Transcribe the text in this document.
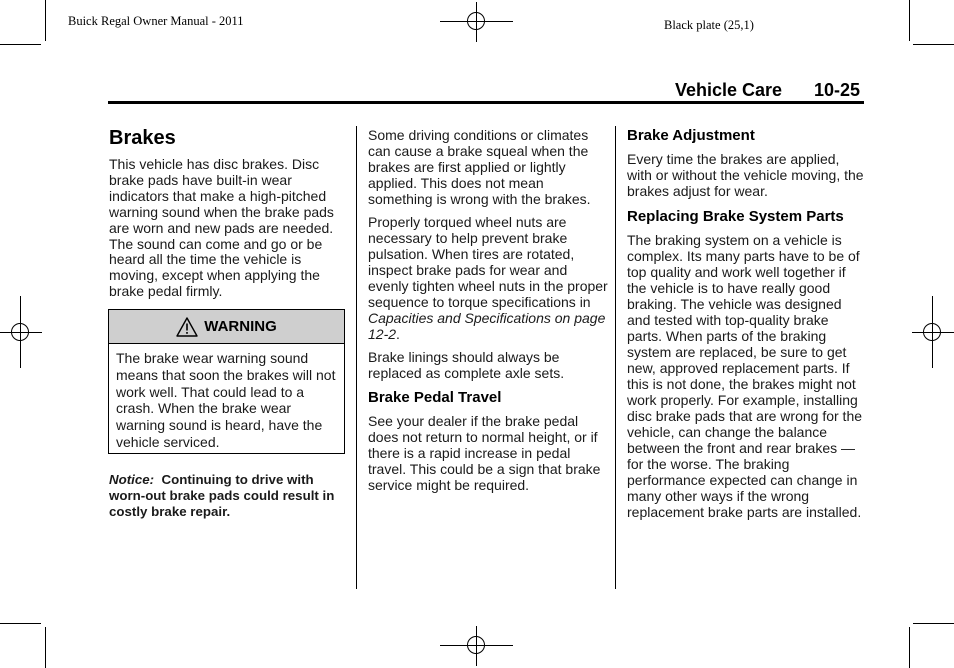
Buick Regal Owner Manual - 2011	Black plate (25,1)
Vehicle Care 10-25
Brakes

This vehicle has disc brakes. Disc brake pads have built-in wear indicators that make a high-pitched warning sound when the brake pads are worn and new pads are needed. The sound can come and go or be heard all the time the vehicle is moving, except when applying the brake pedal firmly.

WARNING
The brake wear warning sound means that soon the brakes will not work well. That could lead to a crash. When the brake wear warning sound is heard, have the vehicle serviced.
Notice: Continuing to drive with worn-out brake pads could result in costly brake repair.

Some driving conditions or climates can cause a brake squeal when the brakes are first applied or lightly applied. This does not mean something is wrong with the brakes.

Properly torqued wheel nuts are necessary to help prevent brake pulsation. When tires are rotated, inspect brake pads for wear and evenly tighten wheel nuts in the proper sequence to torque specifications in Capacities and Specifications on page 12-2.

Brake linings should always be replaced as complete axle sets.

Brake Pedal Travel

See your dealer if the brake pedal does not return to normal height, or if there is a rapid increase in pedal travel. This could be a sign that brake service might be required.

Brake Adjustment

Every time the brakes are applied, with or without the vehicle moving, the brakes adjust for wear.

Replacing Brake System Parts

The braking system on a vehicle is complex. Its many parts have to be of top quality and work well together if the vehicle is to have really good braking. The vehicle was designed and tested with top-quality brake parts. When parts of the braking system are replaced, be sure to get new, approved replacement parts. If this is not done, the brakes might not work properly. For example, installing disc brake pads that are wrong for the vehicle, can change the balance between the front and rear brakes — for the worse. The braking performance expected can change in many other ways if the wrong replacement brake parts are installed.
